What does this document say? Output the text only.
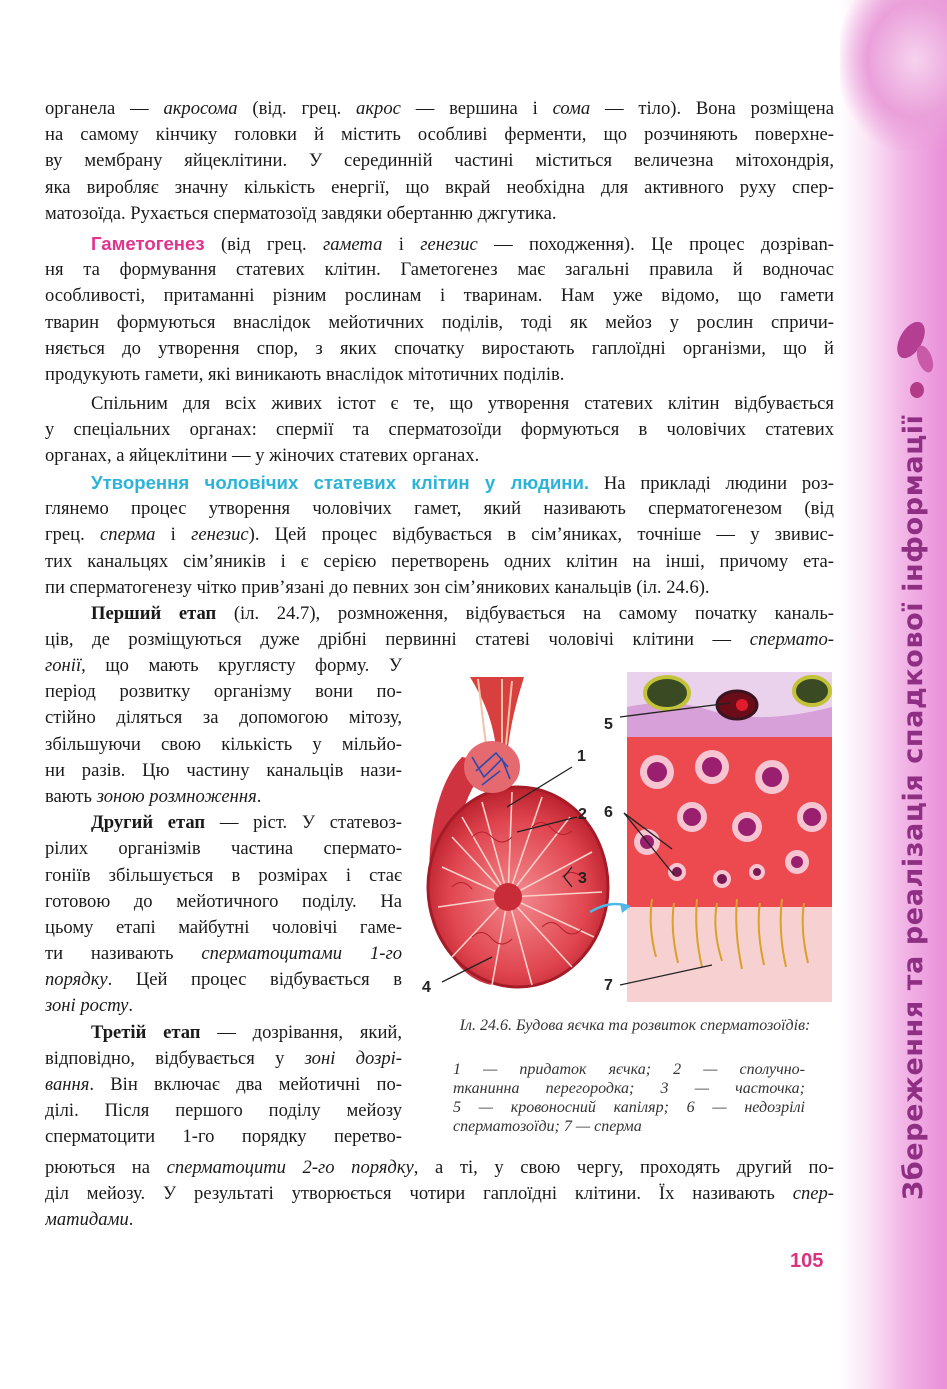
Збереження та реалізація спадкової інформації
органела — акросома (від. грец. акрос — вершина і сома — тіло). Вона розміщена
на самому кінчику головки й містить особливі ферменти, що розчиняють поверхне-
ву мембрану яйцеклітини. У серединній частині міститься величезна мітохондрія,
яка виробляє значну кількість енергії, що вкрай необхідна для активного руху спер-
матозоїда. Рухається сперматозоїд завдяки обертанню джгутика.
Гаметогенез (від грец. гамета і генезис — походження). Це процес дозрівan-
ня та формування статевих клітин. Гаметогенез має загальні правила й водночас
особливості, притаманні різним рослинам і тваринам. Нам уже відомо, що гамети
тварин формуються внаслідок мейотичних поділів, тоді як мейоз у рослин спричи-
няється до утворення спор, з яких спочатку виростають гаплоїдні організми, що й
продукують гамети, які виникають внаслідок мітотичних поділів.
Спільним для всіх живих істот є те, що утворення статевих клітин відбувається
у спеціальних органах: спермії та сперматозоїди формуються в чоловічих статевих
органах, а яйцеклітини — у жіночих статевих органах.
Утворення чоловічих статевих клітин у людини. На прикладі людини роз-
глянемо процес утворення чоловічих гамет, який називають сперматогенезом (від
грец. сперма і генезис). Цей процес відбувається в сім’яниках, точніше — у звивис-
тих канальцях сім’яників і є серією перетворень одних клітин на інші, причому ета-
пи сперматогенезу чітко прив’язані до певних зон сім’яникових канальців (іл. 24.6).
Перший етап (іл. 24.7), розмноження, відбувається на самому початку каналь-
ців, де розміщуються дуже дрібні первинні статеві чоловічі клітини — спермато-
гонії, що мають круглясту форму. У
період розвитку організму вони по-
стійно діляться за допомогою мітозу,
збільшуючи свою кількість у мільйо-
ни разів. Цю частину канальців нази-
вають зоною розмноження.
Другий етап — ріст. У статевоз-
рілих організмів частина сперматo-
гоніїв збільшується в розмірах і стає
готовою до мейотичного поділу. На
цьому етапі майбутні чоловічі гаме-
ти називають сперматоцитами 1-го
порядку. Цей процес відбувається в
зоні росту.
Третій етап — дозрівання, який,
відповідно, відбувається у зоні дозрі-
вання. Він включає два мейотичні по-
ділі. Після першого поділу мейозу
сперматоцити 1-го порядку перетво-
рюються на сперматоцити 2-го порядку, а ті, у свою чергу, проходять другий по-
діл мейозу. У результаті утворюється чотири гаплоїдні клітини. Їх називають спер-
матидами.
1
2
3
4
5
6
7
Іл. 24.6. Будова яєчка та розвиток сперматозоїдів:
1 — придаток яєчка; 2 — сполучно-
тканинна перегородка; 3 — часточка;
5 — кровоносний капіляр; 6 — недозрілі
сперматозоїди; 7 — сперма
105
